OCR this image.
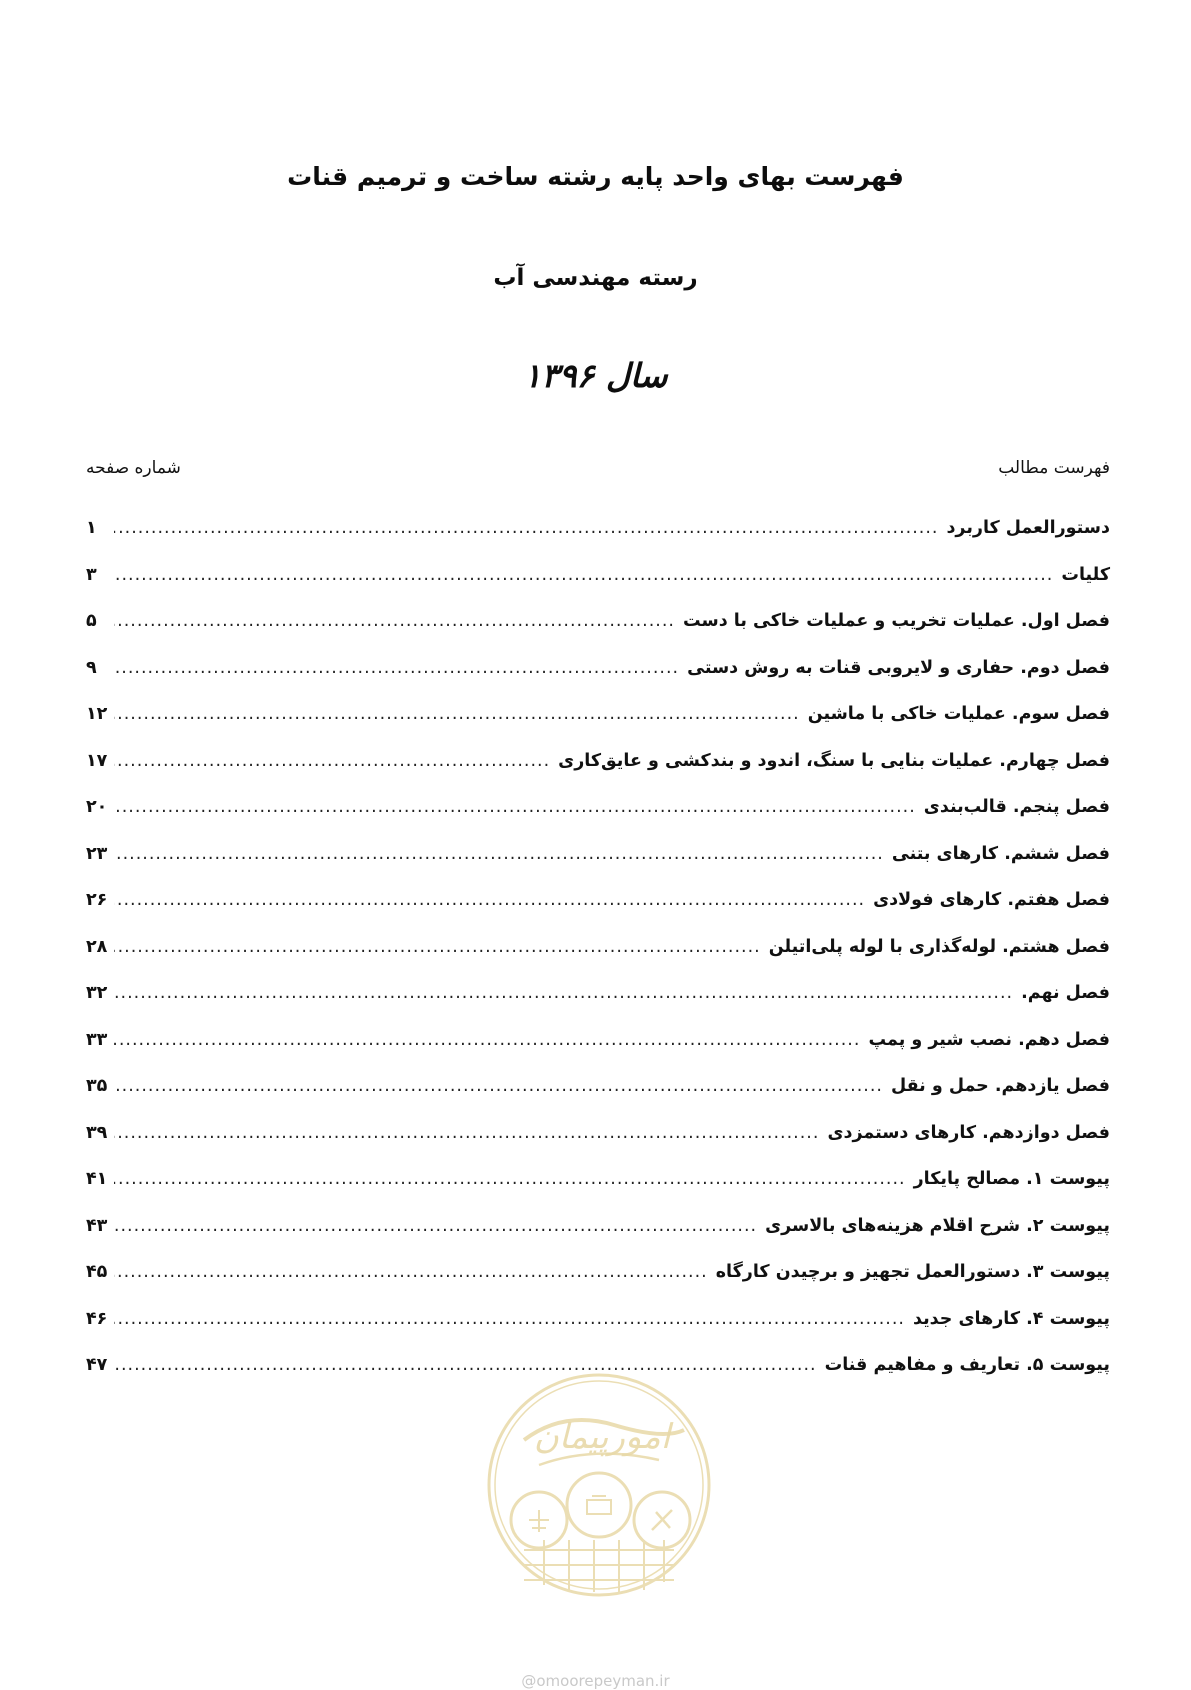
فهرست بهای واحد پایه رشته ساخت و ترمیم قنات
رسته مهندسی آب
سال ۱۳۹۶
فهرست مطالب
شماره صفحه
دستورالعمل کاربرد
.....
۱
کلیات
.....
۳
فصل اول. عملیات تخریب و عملیات خاکی با دست
.....
۵
فصل دوم. حفاری و لایروبی قنات به روش دستی
.....
۹
فصل سوم. عملیات خاکی با ماشین
.....
۱۲
فصل چهارم. عملیات بنایی با سنگ، اندود و بندکشی و عایق‌کاری
.....
۱۷
فصل پنجم. قالب‌بندی
.....
۲۰
فصل ششم. کارهای بتنی
.....
۲۳
فصل هفتم. کارهای فولادی
.....
۲۶
فصل هشتم. لوله‌گذاری با لوله پلی‌اتیلن
.....
۲۸
فصل نهم.
.....
۳۲
فصل دهم. نصب شیر و پمپ
.....
۳۳
فصل یازدهم. حمل و نقل
.....
۳۵
فصل دوازدهم. کارهای دستمزدی
.....
۳۹
پیوست ۱. مصالح پایکار
.....
۴۱
پیوست ۲. شرح اقلام هزینه‌های بالاسری
.....
۴۳
پیوست ۳. دستورالعمل تجهیز و برچیدن کارگاه
.....
۴۵
پیوست ۴. کارهای جدید
.....
۴۶
پیوست ۵. تعاریف و مفاهیم قنات
.....
۴۷
امورپیمان
@omoorepeyman.ir
